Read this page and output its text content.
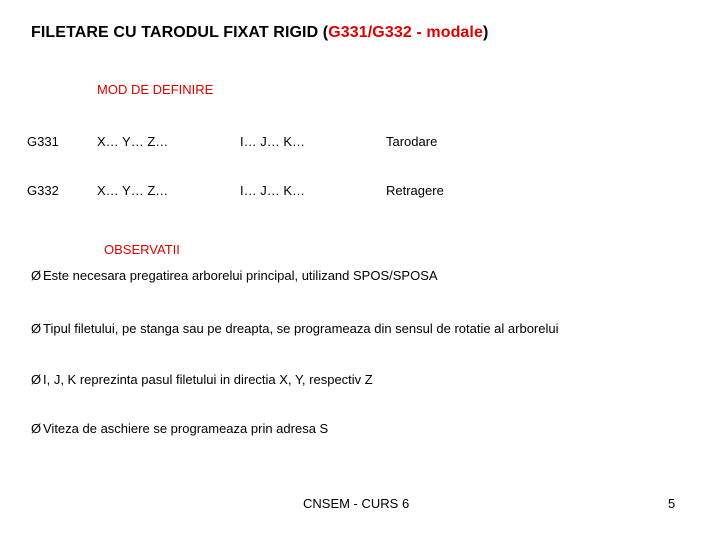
FILETARE CU TARODUL FIXAT RIGID (G331/G332 - modale)
MOD DE DEFINIRE
G331	X… Y… Z…	I… J… K…	Tarodare
G332	X… Y… Z…	I… J… K…	Retragere
OBSERVATII
Ø Este necesara pregatirea arborelui principal, utilizand SPOS/SPOSA
Ø Tipul filetului, pe stanga sau pe dreapta, se programeaza din sensul de rotatie al arborelui
Ø I, J, K reprezinta pasul filetului in directia X, Y, respectiv Z
Ø Viteza de aschiere se programeaza prin adresa S
CNSEM - CURS 6	5
